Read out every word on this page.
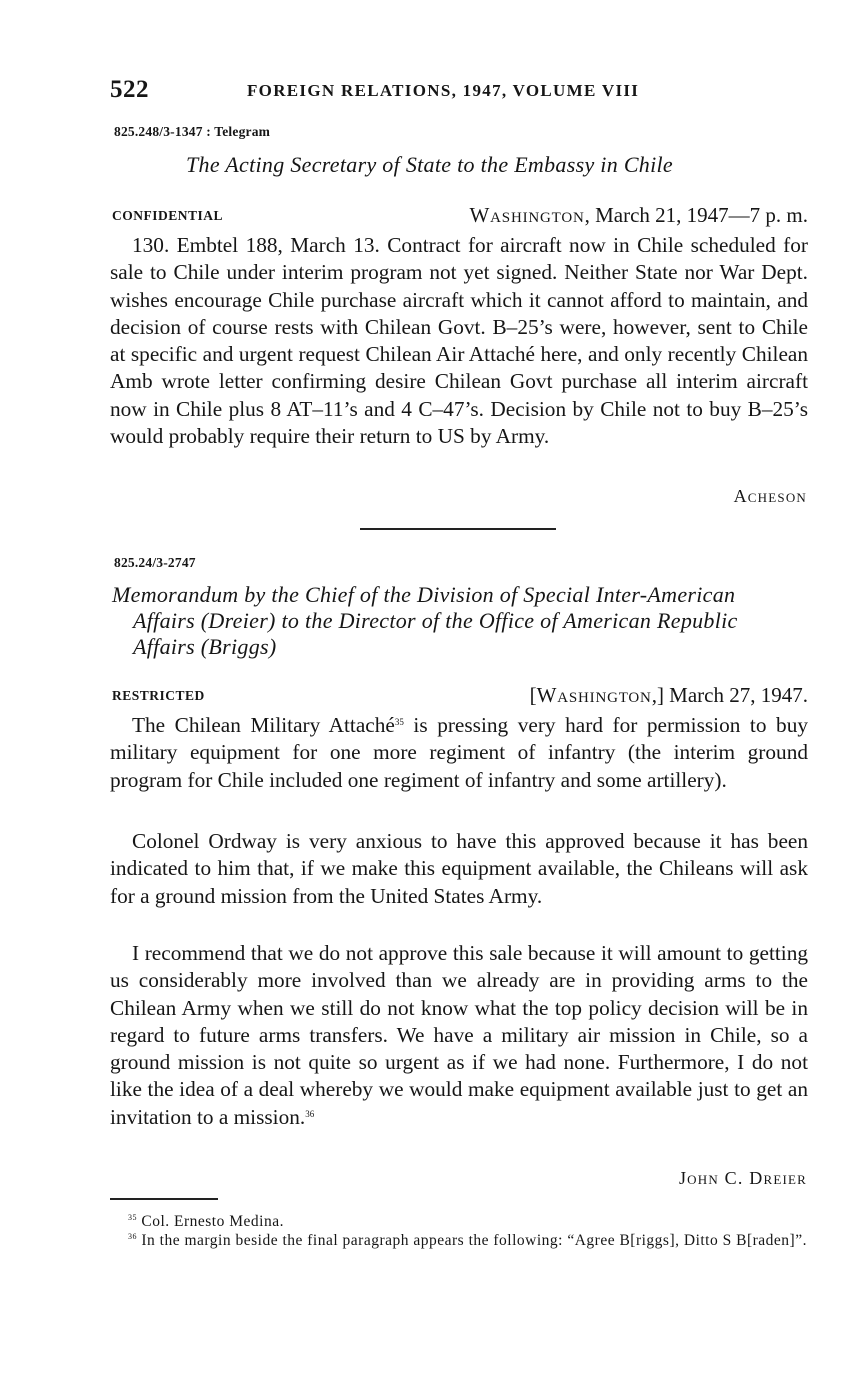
522	FOREIGN RELATIONS, 1947, VOLUME VIII
825.248/3-1347 : Telegram
The Acting Secretary of State to the Embassy in Chile
CONFIDENTIAL	Washington, March 21, 1947—7 p. m.
130. Embtel 188, March 13. Contract for aircraft now in Chile scheduled for sale to Chile under interim program not yet signed. Neither State nor War Dept. wishes encourage Chile purchase aircraft which it cannot afford to maintain, and decision of course rests with Chilean Govt. B–25’s were, however, sent to Chile at specific and urgent request Chilean Air Attaché here, and only recently Chilean Amb wrote letter confirming desire Chilean Govt purchase all interim aircraft now in Chile plus 8 AT–11’s and 4 C–47’s. Decision by Chile not to buy B–25’s would probably require their return to US by Army.
Acheson
825.24/3-2747
Memorandum by the Chief of the Division of Special Inter-American
Affairs (Dreier) to the Director of the Office of American Republic
Affairs (Briggs)
RESTRICTED	[Washington,] March 27, 1947.
The Chilean Military Attaché$^{35}$ is pressing very hard for permission to buy military equipment for one more regiment of infantry (the interim ground program for Chile included one regiment of infantry and some artillery).
Colonel Ordway is very anxious to have this approved because it has been indicated to him that, if we make this equipment available, the Chileans will ask for a ground mission from the United States Army.
I recommend that we do not approve this sale because it will amount to getting us considerably more involved than we already are in providing arms to the Chilean Army when we still do not know what the top policy decision will be in regard to future arms transfers. We have a military air mission in Chile, so a ground mission is not quite so urgent as if we had none. Furthermore, I do not like the idea of a deal whereby we would make equipment available just to get an invitation to a mission.$^{36}$
John C. Dreier
$^{35}$ Col. Ernesto Medina.
$^{36}$ In the margin beside the final paragraph appears the following: “Agree B[riggs], Ditto S B[raden]”.
